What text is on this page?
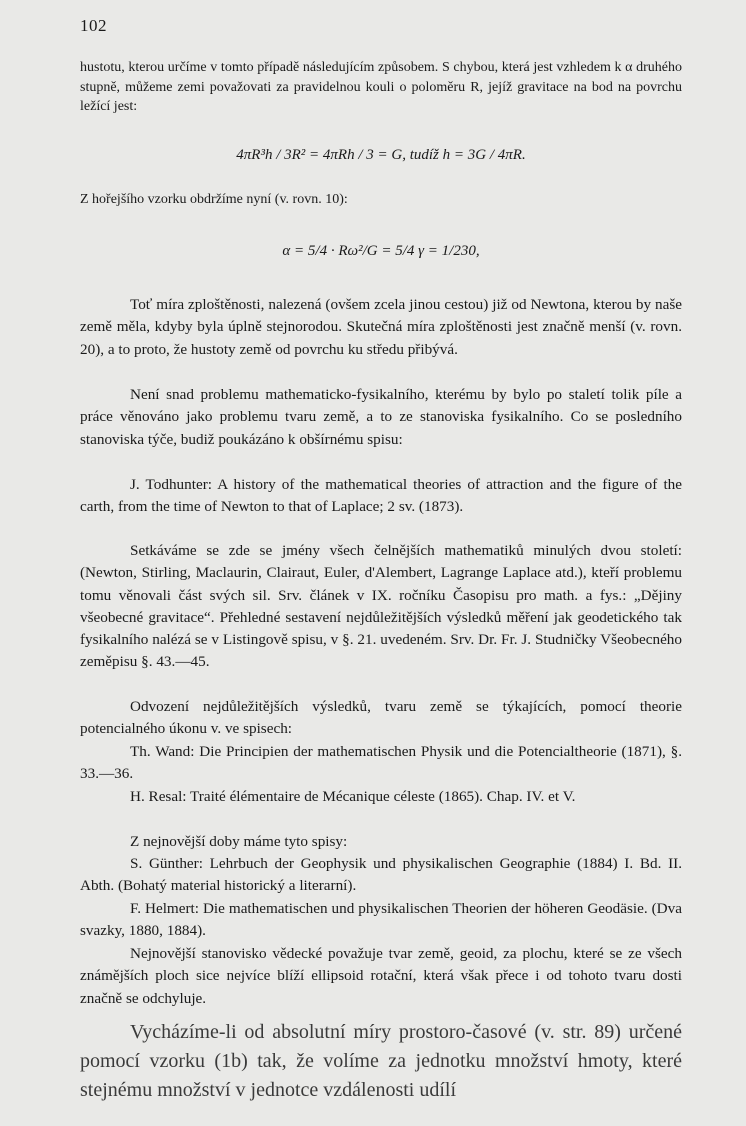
102

hustotu, kterou určíme v tomto případě následujícím způsobem. S chybou, která jest vzhledem k α druhého stupně, můžeme zemi považovati za pravidelnou kouli o poloměru R, jejíž gravitace na bod na povrchu ležící jest:

4πR³h / 3R² = 4πRh / 3 = G, tudíž h = 3G / 4πR.

Z hořejšího vzorku obdržíme nyní (v. rovn. 10):

α = 5/4 · Rω²/G = 5/4 γ = 1/230,

Toť míra zploštěnosti, nalezená (ovšem zcela jinou cestou) již od Newtona, kterou by naše země měla, kdyby byla úplně stejnorodou. Skutečná míra zploštěnosti jest značně menší (v. rovn. 20), a to proto, že hustoty země od povrchu ku středu přibývá.

Není snad problemu mathematicko-fysikalního, kterému by bylo po staletí tolik píle a práce věnováno jako problemu tvaru země, a to ze stanoviska fysikalního. Co se posledního stanoviska týče, budiž poukázáno k obšírnému spisu:

J. Todhunter: A history of the mathematical theories of attraction and the figure of the carth, from the time of Newton to that of Laplace; 2 sv. (1873).

Setkáváme se zde se jmény všech čelnějších mathematiků minulých dvou století: (Newton, Stirling, Maclaurin, Clairaut, Euler, d'Alembert, Lagrange Laplace atd.), kteří problemu tomu věnovali část svých sil. Srv. článek v IX. ročníku Časopisu pro math. a fys.: „Dějiny všeobecné gravitace“. Přehledné sestavení nejdůležitějších výsledků měření jak geodetického tak fysikalního nalézá se v Listingově spisu, v §. 21. uvedeném. Srv. Dr. Fr. J. Studničky Všeobecného zeměpisu §. 43.—45.

Odvození nejdůležitějších výsledků, tvaru země se týkajících, pomocí theorie potencialného úkonu v. ve spisech:

Th. Wand: Die Principien der mathematischen Physik und die Potencialtheorie (1871), §. 33.—36.

H. Resal: Traité élémentaire de Mécanique céleste (1865). Chap. IV. et V.

Z nejnovější doby máme tyto spisy:

S. Günther: Lehrbuch der Geophysik und physikalischen Geographie (1884) I. Bd. II. Abth. (Bohatý material historický a literarní).

F. Helmert: Die mathematischen und physikalischen Theorien der höheren Geodäsie. (Dva svazky, 1880, 1884).

Nejnovější stanovisko vědecké považuje tvar země, geoid, za plochu, které se ze všech známějších ploch sice nejvíce blíží ellipsoid rotační, která však přece i od tohoto tvaru dosti značně se odchyluje.

Vycházíme-li od absolutní míry prostoro-časové (v. str. 89) určené pomocí vzorku (1b) tak, že volíme za jednotku množství hmoty, které stejnému množství v jednotce vzdálenosti udílí
